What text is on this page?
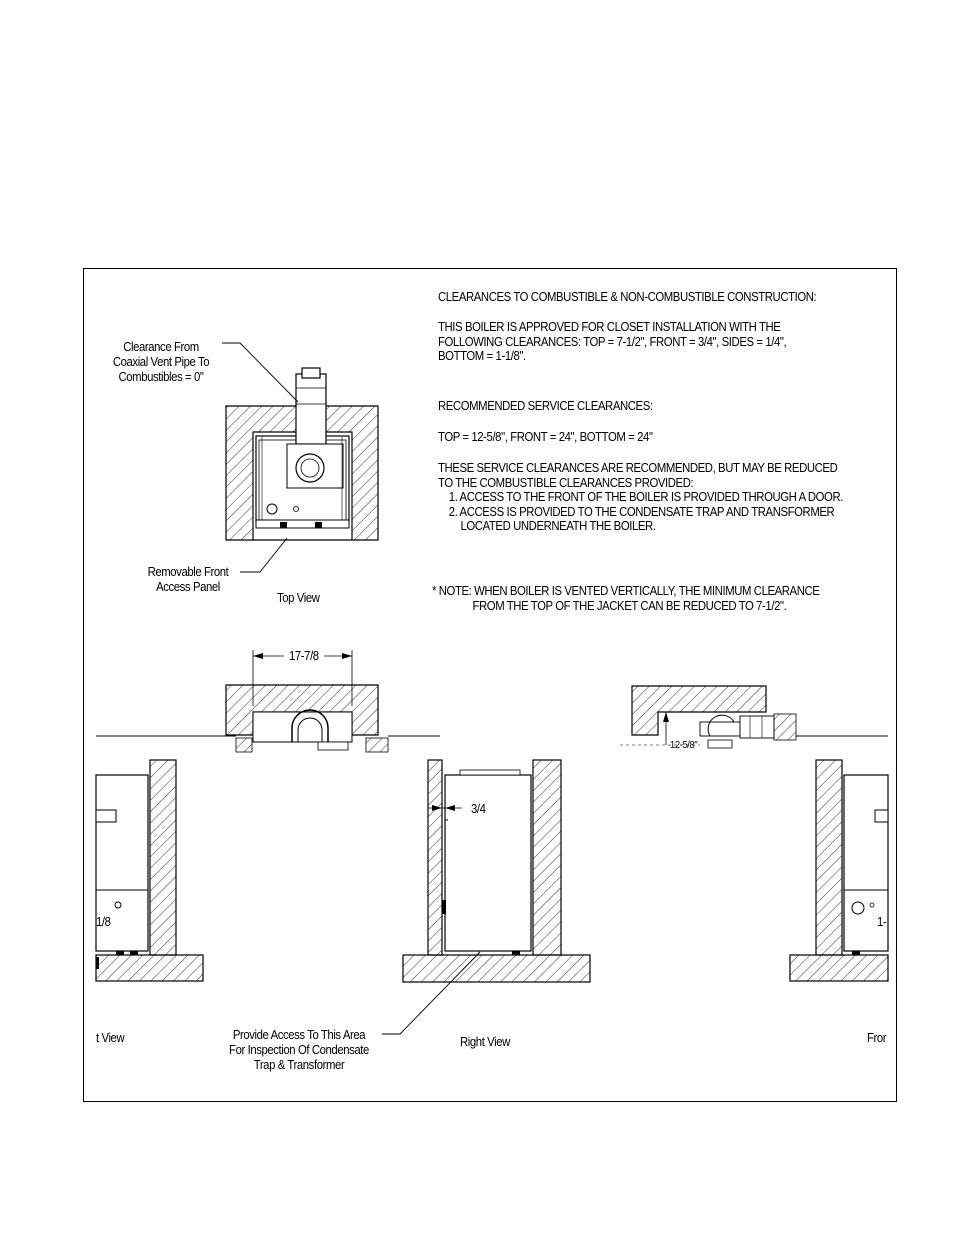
CLEARANCES TO COMBUSTIBLE & NON-COMBUSTIBLE CONSTRUCTION:

THIS BOILER IS APPROVED FOR CLOSET INSTALLATION WITH THE

FOLLOWING CLEARANCES: TOP = 7-1/2", FRONT = 3/4", SIDES = 1/4",

BOTTOM = 1-1/8".

RECOMMENDED SERVICE CLEARANCES:

TOP = 12-5/8", FRONT = 24", BOTTOM = 24"

THESE SERVICE CLEARANCES ARE RECOMMENDED, BUT MAY BE REDUCED

TO THE COMBUSTIBLE CLEARANCES PROVIDED:

1. ACCESS TO THE FRONT OF THE BOILER IS PROVIDED THROUGH A DOOR.

2. ACCESS IS PROVIDED TO THE CONDENSATE TRAP AND TRANSFORMER

LOCATED UNDERNEATH THE BOILER.

* NOTE: WHEN BOILER IS VENTED VERTICALLY, THE MINIMUM CLEARANCE

FROM THE TOP OF THE JACKET CAN BE REDUCED TO 7-1/2".

Clearance From
Coaxial Vent Pipe To
Combustibles = 0"
Removable Front
Access Panel
Top View
17-7/8
3/4
12-5/8"
1/8	1-
Provide Access To This Area
For Inspection Of Condensate
Trap & Transformer
t View	Right View	Fror
